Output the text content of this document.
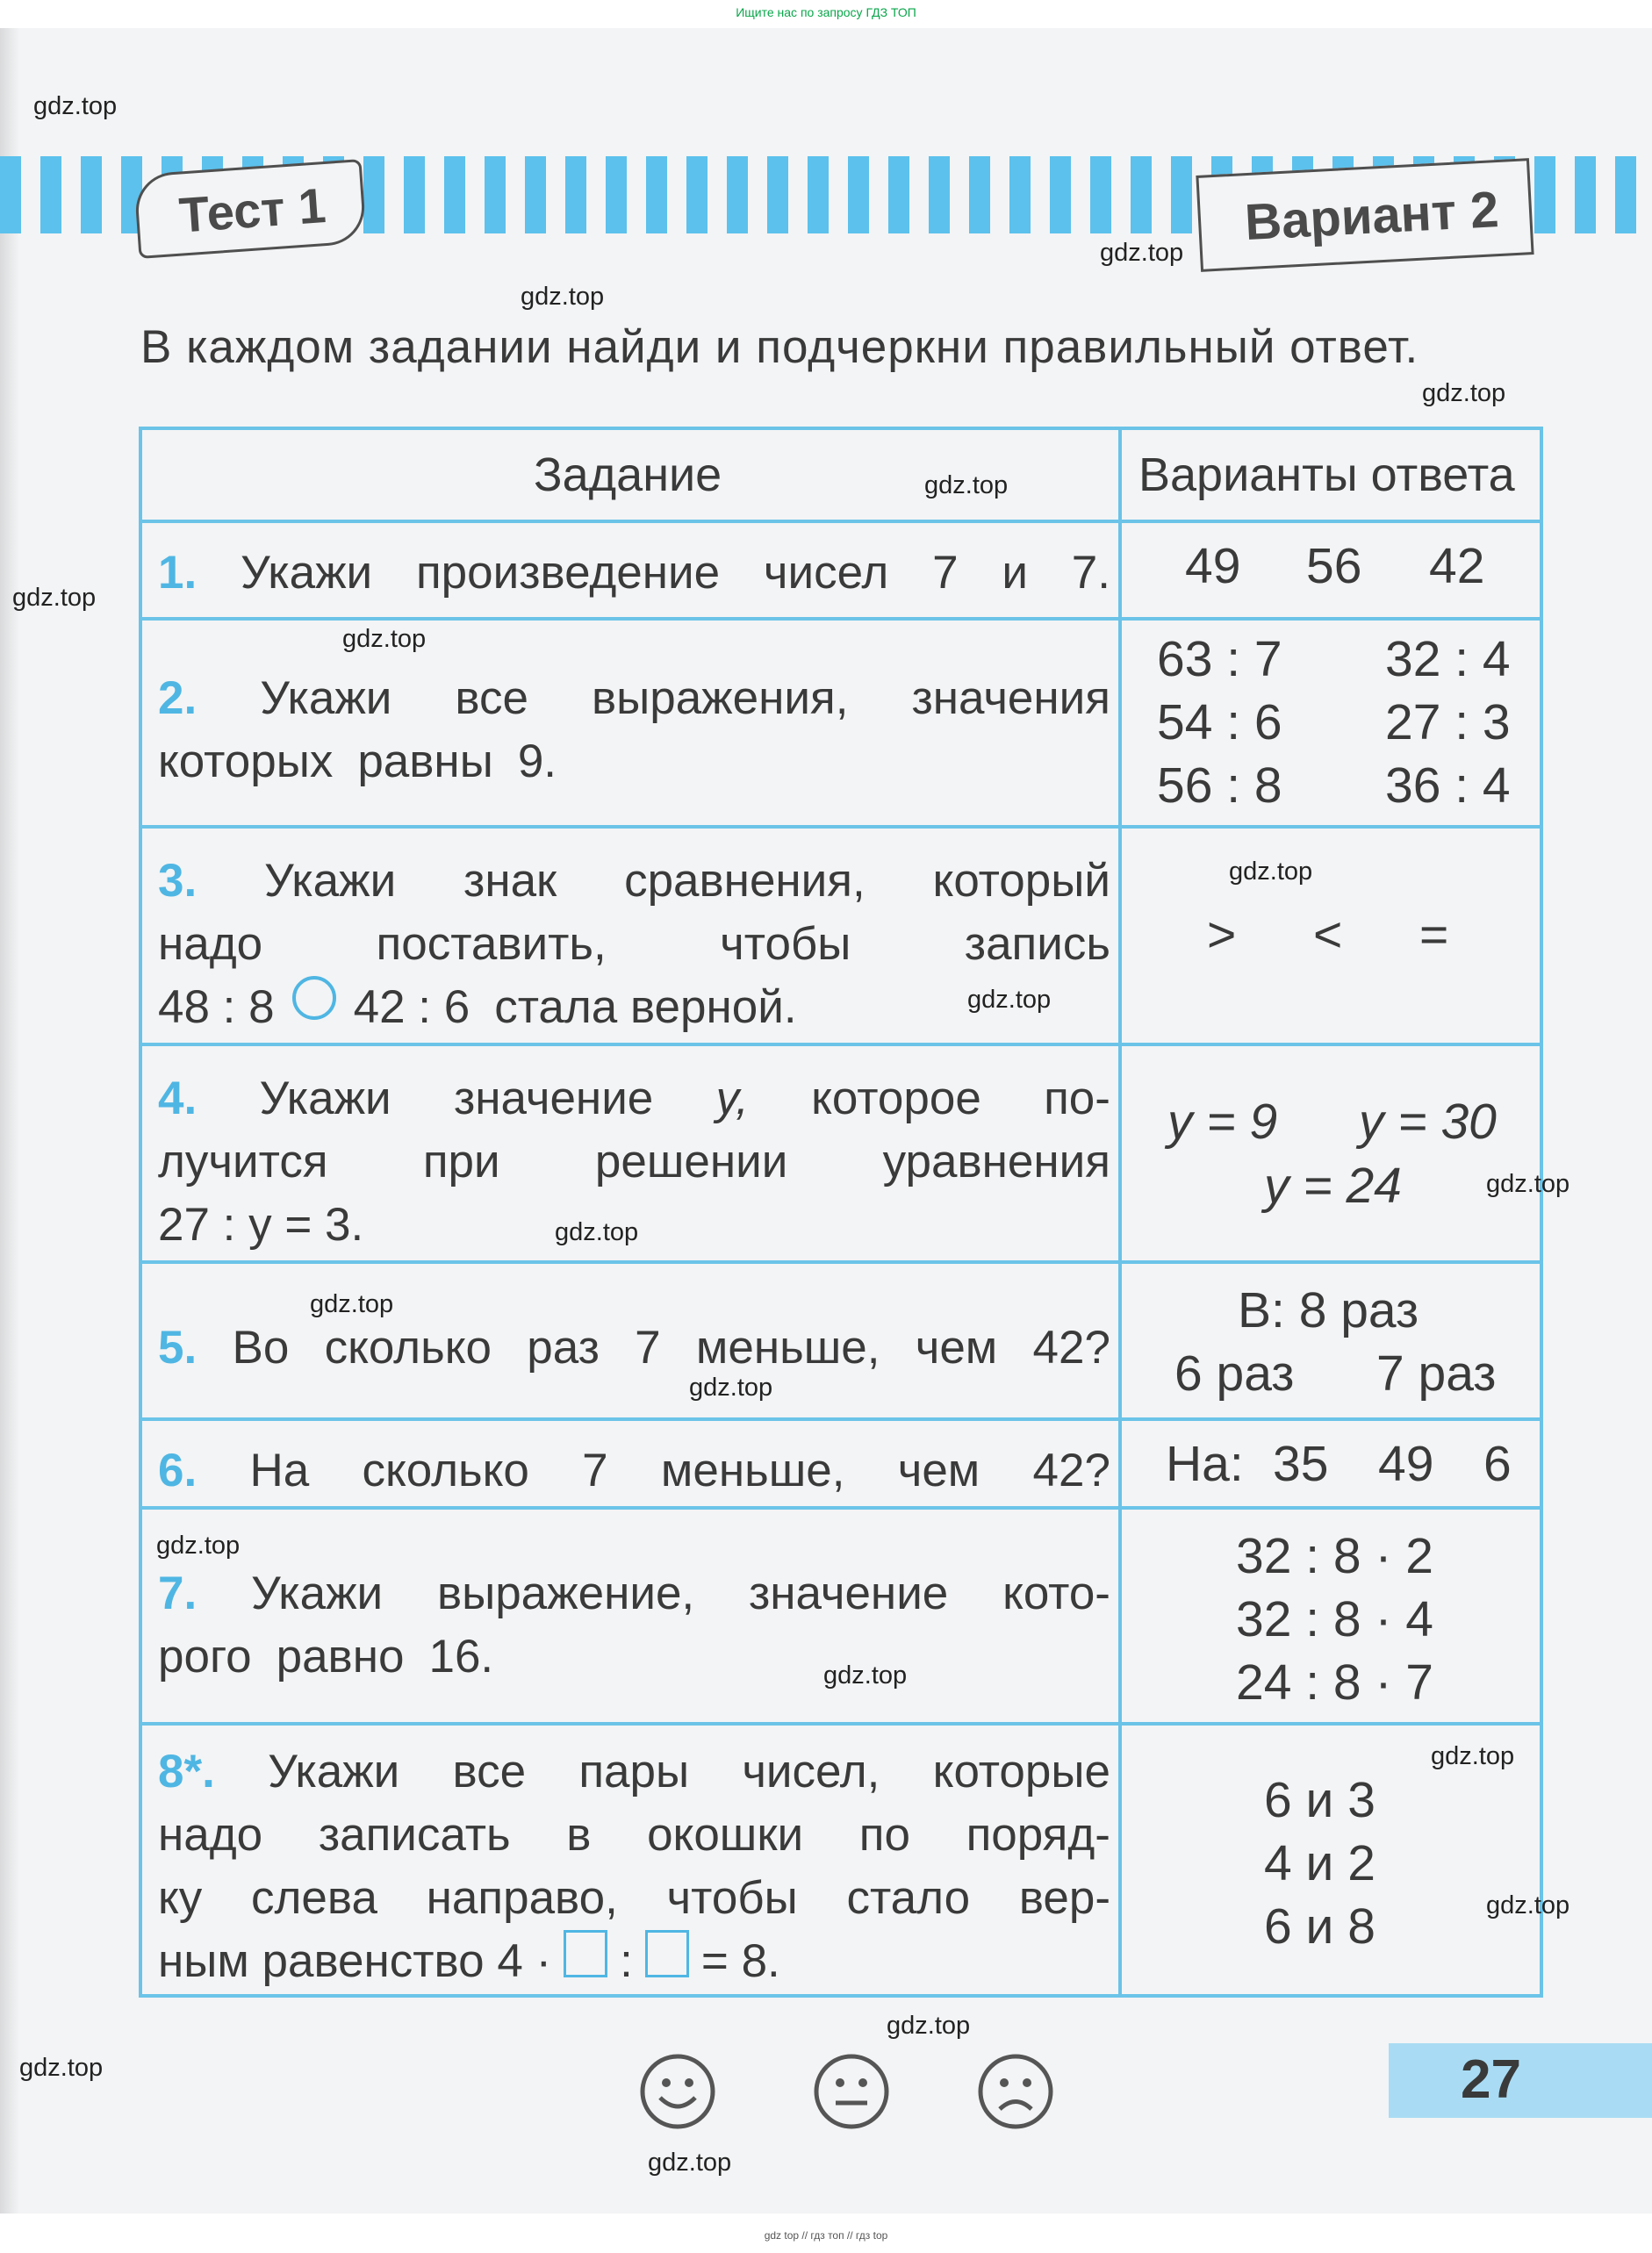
Ищите нас по запросу ГДЗ ТОП
Тест 1	Вариант 2
В каждом задании найди и подчеркни правильный ответ.
Задание	Варианты ответа
1. Укажи произведение чисел 7 и 7. 49 56 42
2. Укажи все выражения, значения
которых равны 9.
63 : 7 32 : 4
54 : 6 27 : 3
56 : 8 36 : 4
3. Укажи знак сравнения, который
надо поставить, чтобы запись
48 : 8 42 : 6 стала верной.
> < =
4. Укажи значение y, которое по-
лучится при решении уравнения
27 : y = 3.
y = 9 y = 30
y = 24
5. Во сколько раз 7 меньше, чем 42?
В: 8 раз
6 раз 7 раз
6. На сколько 7 меньше, чем 42? На: 35 49 6
7. Укажи выражение, значение кото-
рого равно 16.
32 : 8 · 2
32 : 8 · 4
24 : 8 · 7
8*. Укажи все пары чисел, которые
надо записать в окошки по поряд-
ку слева направо, чтобы стало вер-
ным равенство 4 · : = 8.
6 и 3
4 и 2
6 и 8
27
gdz.top
gdz.top
gdz.top
gdz.top
gdz.top
gdz.top
gdz.top
gdz.top
gdz.top
gdz.top
gdz.top
gdz.top
gdz.top
gdz.top
gdz.top
gdz.top
gdz.top
gdz.top
gdz.top
gdz.top
gdz top // гдз топ // гдз top
